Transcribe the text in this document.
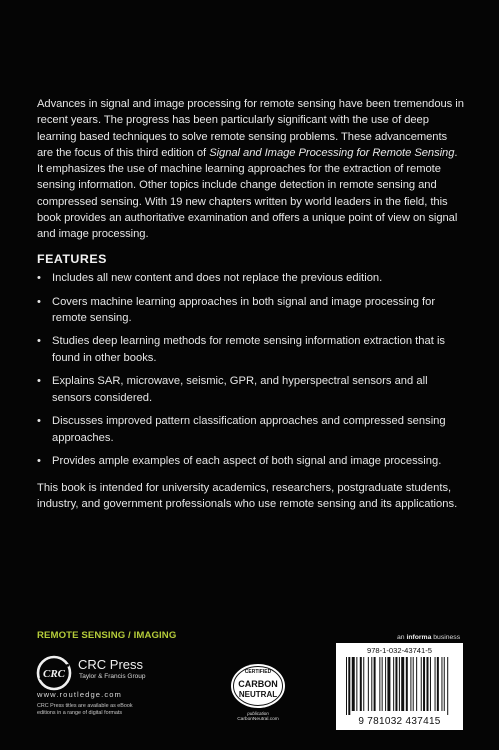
Advances in signal and image processing for remote sensing have been tremendous in recent years. The progress has been particularly significant with the use of deep learning based techniques to solve remote sensing problems. These advancements are the focus of this third edition of Signal and Image Processing for Remote Sensing. It emphasizes the use of machine learning approaches for the extraction of remote sensing information. Other topics include change detection in remote sensing and compressed sensing. With 19 new chapters written by world leaders in the field, this book provides an authoritative examination and offers a unique point of view on signal and image processing.

FEATURES
• Includes all new content and does not replace the previous edition.
• Covers machine learning approaches in both signal and image processing for remote sensing.
• Studies deep learning methods for remote sensing information extraction that is found in other books.
• Explains SAR, microwave, seismic, GPR, and hyperspectral sensors and all sensors considered.
• Discusses improved pattern classification approaches and compressed sensing approaches.
• Provides ample examples of each aspect of both signal and image processing.

This book is intended for university academics, researchers, postgraduate students, industry, and government professionals who use remote sensing and its applications.

REMOTE SENSING / IMAGING
CRC
CRC Press
Taylor & Francis Group
www.routledge.com
CRC Press titles are available as eBook editions in a range of digital formats
CERTIFIED
CARBON
NEUTRAL
publication
CarbonNeutral.com
an informa business
978-1-032-43741-5
9 781032 437415
